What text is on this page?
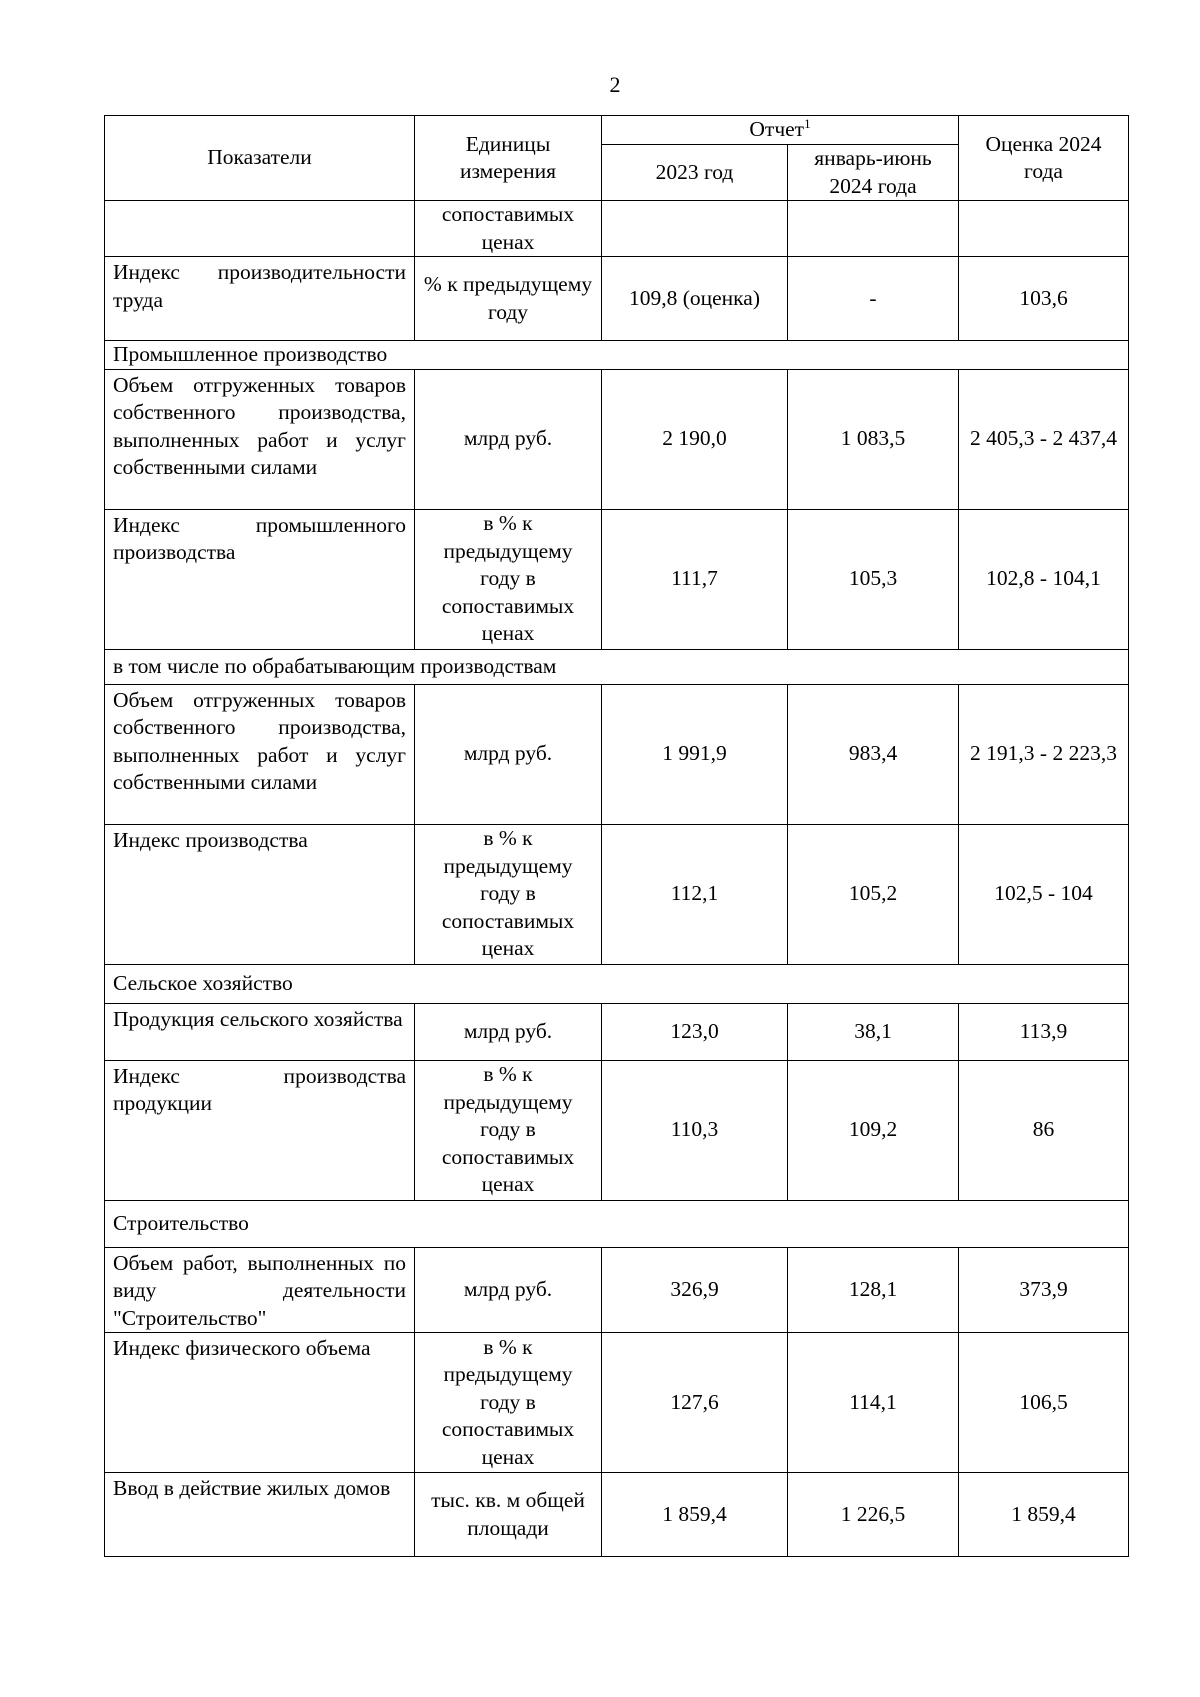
2
Показатели	Единицы измерения	Отчет$^1$		Оценка 2024 года
		2023 год	январь-июнь 2024 года	
	сопоставимых ценах			
Индекс производительности труда	% к предыдущему году	109,8 (оценка)	-	103,6
Промышленное производство				
Объем отгруженных товаров собственного производства, выполненных работ и услуг собственными силами	млрд руб.	2 190,0	1 083,5	2 405,3 - 2 437,4
Индекс промышленного производства	в % к предыдущему году в сопоставимых ценах	111,7	105,3	102,8 - 104,1
в том числе по обрабатывающим производствам				
Объем отгруженных товаров собственного производства, выполненных работ и услуг собственными силами	млрд руб.	1 991,9	983,4	2 191,3 - 2 223,3
Индекс производства	в % к предыдущему году в сопоставимых ценах	112,1	105,2	102,5 - 104
Сельское хозяйство				
Продукция сельского хозяйства	млрд руб.	123,0	38,1	113,9
Индекс производства продукции	в % к предыдущему году в сопоставимых ценах	110,3	109,2	86
Строительство				
Объем работ, выполненных по виду деятельности "Строительство"	млрд руб.	326,9	128,1	373,9
Индекс физического объема	в % к предыдущему году в сопоставимых ценах	127,6	114,1	106,5
Ввод в действие жилых домов	тыс. кв. м общей площади	1 859,4	1 226,5	1 859,4
